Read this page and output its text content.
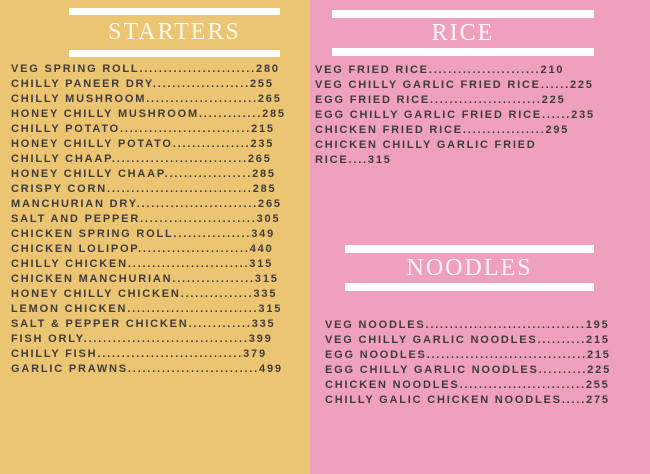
STARTERS
VEG SPRING ROLL........................280
CHILLY PANEER DRY....................255
CHILLY MUSHROOM.......................265
HONEY CHILLY MUSHROOM.............285
CHILLY POTATO...........................215
HONEY CHILLY POTATO................235
CHILLY CHAAP............................265
HONEY CHILLY CHAAP..................285
CRISPY CORN..............................285
MANCHURIAN DRY.........................265
SALT AND PEPPER........................305
CHICKEN SPRING ROLL................349
CHICKEN LOLIPOP.......................440
CHILLY CHICKEN.........................315
CHICKEN MANCHURIAN.................315
HONEY CHILLY CHICKEN...............335
LEMON CHICKEN...........................315
SALT & PEPPER CHICKEN.............335
FISH ORLY..................................399
CHILLY FISH..............................379
GARLIC PRAWNS...........................499
RICE
VEG FRIED RICE.......................210
VEG CHILLY GARLIC FRIED RICE......225
EGG FRIED RICE.......................225
EGG CHILLY GARLIC FRIED RICE......235
CHICKEN FRIED RICE.................295
CHICKEN CHILLY GARLIC FRIED
RICE....315
NOODLES
VEG NOODLES.................................195
VEG CHILLY GARLIC NOODLES..........215
EGG NOODLES.................................215
EGG CHILLY GARLIC NOODLES..........225
CHICKEN NOODLES..........................255
CHILLY GALIC CHICKEN NOODLES.....275
